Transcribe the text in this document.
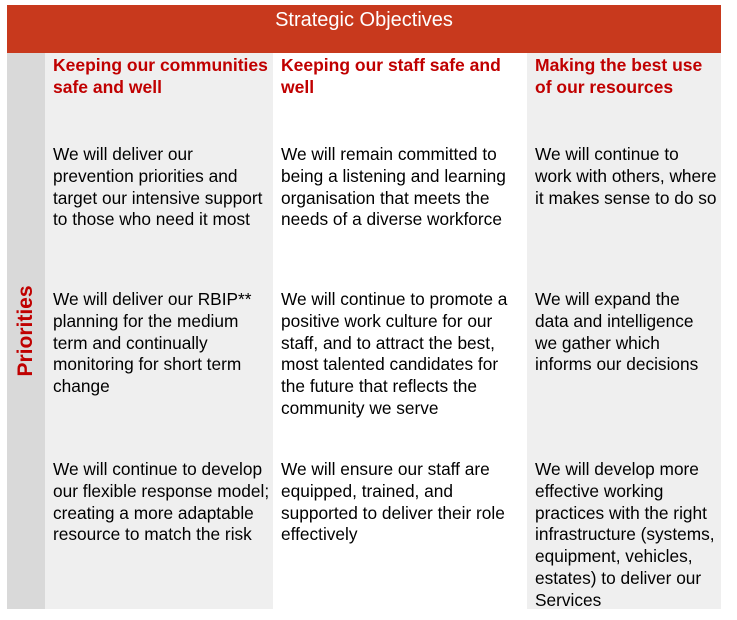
Strategic Objectives
Priorities
Keeping our communities safe and well
We will deliver our prevention priorities and target our intensive support to those who need it most
We will deliver our RBIP** planning for the medium term and continually monitoring for short term change
We will continue to develop our flexible response model; creating a more adaptable resource to match the risk
Keeping our staff safe and well
We will remain committed to being a listening and learning organisation that meets the needs of a diverse workforce
We will continue to promote a positive work culture for our staff, and to attract the best, most talented candidates for the future that reflects the community we serve
We will ensure our staff are equipped, trained, and supported to deliver their role effectively
Making the best use of our resources
We will continue to work with others, where it makes sense to do so
We will expand the data and intelligence we gather which informs our decisions
We will develop more effective working practices with the right infrastructure (systems, equipment, vehicles, estates) to deliver our Services
